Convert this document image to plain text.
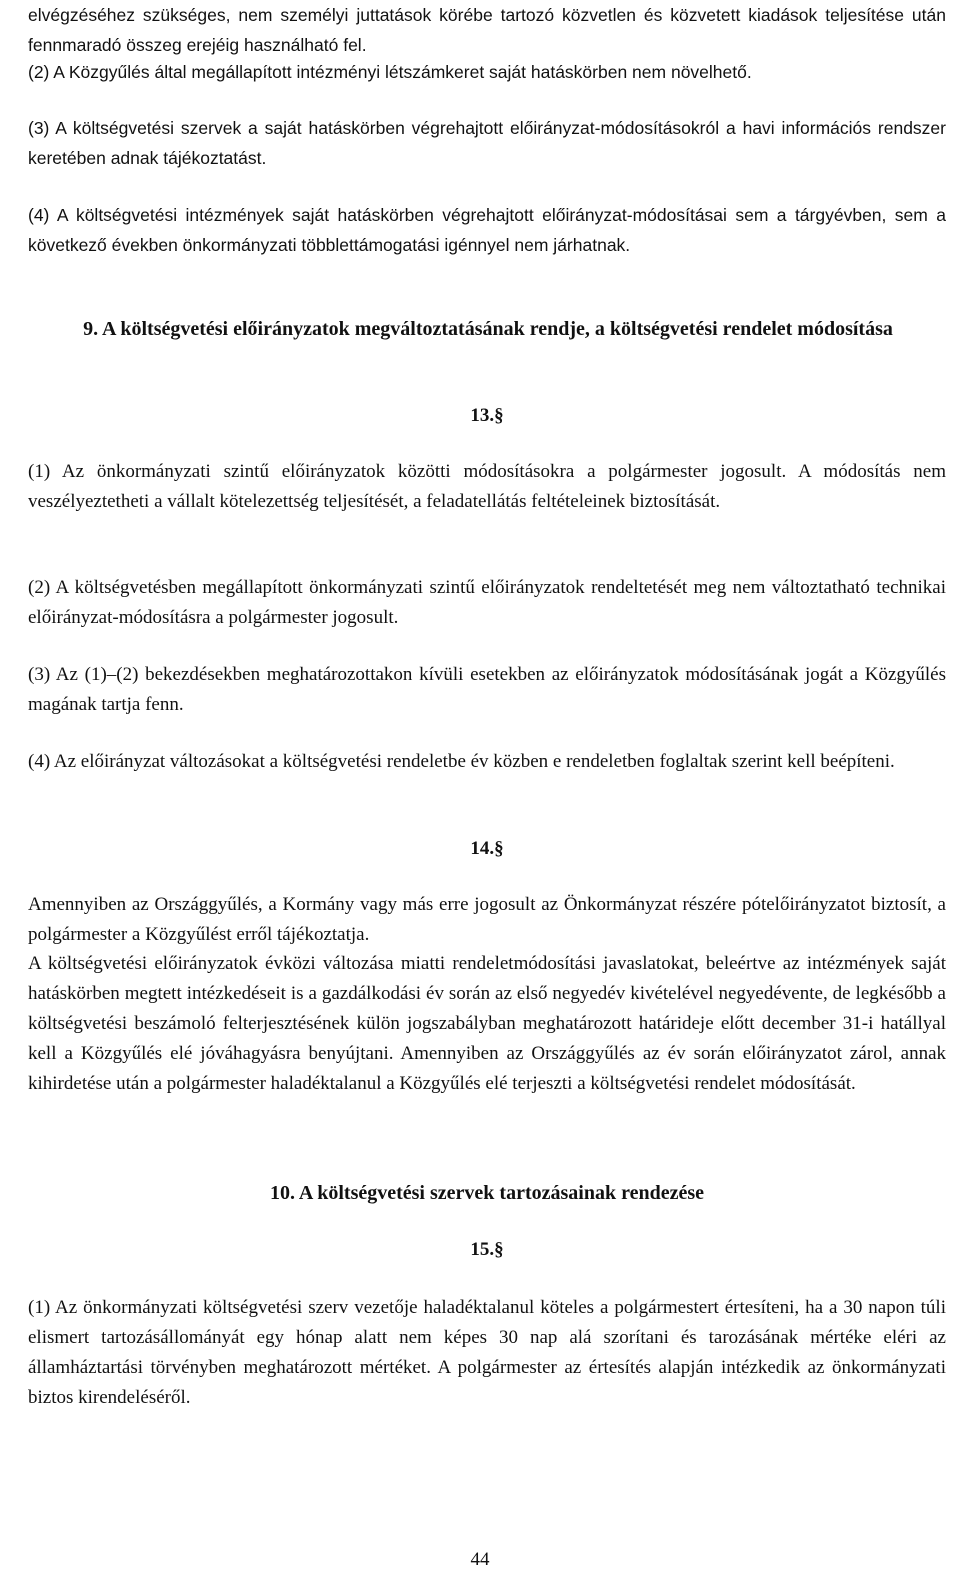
elvégzéséhez szükséges, nem személyi juttatások körébe tartozó közvetlen és közvetett kiadások teljesítése után fennmaradó összeg erejéig használható fel.

(2) A Közgyűlés által megállapított intézményi létszámkeret saját hatáskörben nem növelhető.

(3) A költségvetési szervek a saját hatáskörben végrehajtott előirányzat-módosításokról a havi információs rendszer keretében adnak tájékoztatást.

(4) A költségvetési intézmények saját hatáskörben végrehajtott előirányzat-módosításai sem a tárgyévben, sem a következő években önkormányzati többlettámogatási igénnyel nem járhatnak.

9. A költségvetési előirányzatok megváltoztatásának rendje, a költségvetési rendelet módosítása
13.§

(1) Az önkormányzati szintű előirányzatok közötti módosításokra a polgármester jogosult. A módosítás nem veszélyeztetheti a vállalt kötelezettség teljesítését, a feladatellátás feltételeinek biztosítását.

(2) A költségvetésben megállapított önkormányzati szintű előirányzatok rendeltetését meg nem változtatható technikai előirányzat-módosításra a polgármester jogosult.

(3) Az (1)–(2) bekezdésekben meghatározottakon kívüli esetekben az előirányzatok módosításának jogát a Közgyűlés magának tartja fenn.

(4) Az előirányzat változásokat a költségvetési rendeletbe év közben e rendeletben foglaltak szerint kell beépíteni.

14.§

Amennyiben az Országgyűlés, a Kormány vagy más erre jogosult az Önkormányzat részére pótelőirányzatot biztosít, a polgármester a Közgyűlést erről tájékoztatja.

A költségvetési előirányzatok évközi változása miatti rendeletmódosítási javaslatokat, beleértve az intézmények saját hatáskörben megtett intézkedéseit is a gazdálkodási év során az első negyedév kivételével negyedévente, de legkésőbb a költségvetési beszámoló felterjesztésének külön jogszabályban meghatározott határideje előtt december 31-i hatállyal kell a Közgyűlés elé jóváhagyásra benyújtani. Amennyiben az Országgyűlés az év során előirányzatot zárol, annak kihirdetése után a polgármester haladéktalanul a Közgyűlés elé terjeszti a költségvetési rendelet módosítását.

10. A költségvetési szervek tartozásainak rendezése
15.§

(1) Az önkormányzati költségvetési szerv vezetője haladéktalanul köteles a polgármestert értesíteni, ha a 30 napon túli elismert tartozásállományát egy hónap alatt nem képes 30 nap alá szorítani és tarozásának mértéke eléri az államháztartási törvényben meghatározott mértéket. A polgármester az értesítés alapján intézkedik az önkormányzati biztos kirendeléséről.

44
